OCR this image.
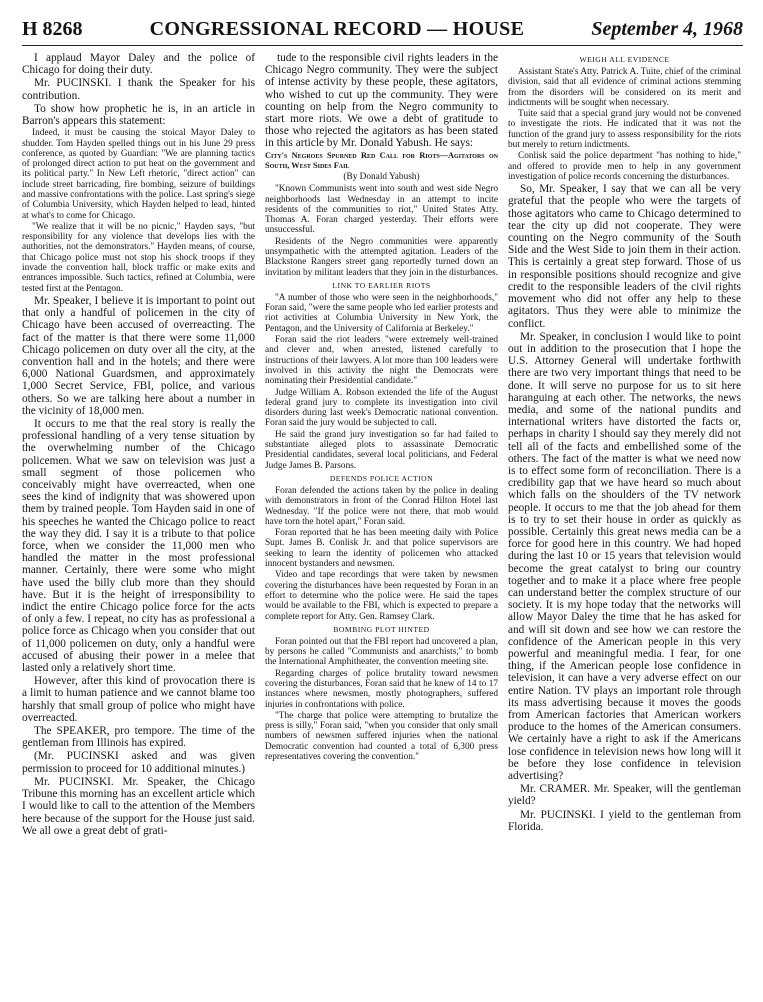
H 8268	CONGRESSIONAL RECORD — HOUSE	September 4, 1968

I applaud Mayor Daley and the police of Chicago for doing their duty.

Mr. PUCINSKI. I thank the Speaker for his contribution.

To show how prophetic he is, in an article in Barron's appears this statement:

Indeed, it must be causing the stoical Mayor Daley to shudder. Tom Hayden spelled things out in his June 29 press conference, as quoted by Guardian: "We are planning tactics of prolonged direct action to put heat on the government and its political party." In New Left rhetoric, "direct action" can include street barricading, fire bombing, seizure of buildings and massive confrontations with the police. Last spring's siege of Columbia University, which Hayden helped to lead, hinted at what's to come for Chicago.

"We realize that it will be no picnic," Hayden says, "but responsibility for any violence that develops lies with the authorities, not the demonstrators." Hayden means, of course, that Chicago police must not stop his shock troops if they invade the convention hall, block traffic or make exits and entrances impossible. Such tactics, refined at Columbia, were tested first at the Pentagon.

Mr. Speaker, I believe it is important to point out that only a handful of policemen in the city of Chicago have been accused of overreacting. The fact of the matter is that there were some 11,000 Chicago policemen on duty over all the city, at the convention hall and in the hotels; and there were 6,000 National Guardsmen, and approximately 1,000 Secret Service, FBI, police, and various others. So we are talking here about a number in the vicinity of 18,000 men.

It occurs to me that the real story is really the professional handling of a very tense situation by the overwhelming number of the Chicago policemen. What we saw on television was just a small segment of those policemen who conceivably might have overreacted, when one sees the kind of indignity that was showered upon them by trained people. Tom Hayden said in one of his speeches he wanted the Chicago police to react the way they did. I say it is a tribute to that police force, when we consider the 11,000 men who handled the matter in the most professional manner. Certainly, there were some who might have used the billy club more than they should have. But it is the height of irresponsibility to indict the entire Chicago police force for the acts of only a few. I repeat, no city has as professional a police force as Chicago when you consider that out of 11,000 policemen on duty, only a handful were accused of abusing their power in a melee that lasted only a relatively short time.

However, after this kind of provocation there is a limit to human patience and we cannot blame too harshly that small group of police who might have overreacted.

The SPEAKER, pro tempore. The time of the gentleman from Illinois has expired.

(Mr. PUCINSKI asked and was given permission to proceed for 10 additional minutes.)

Mr. PUCINSKI. Mr. Speaker, the Chicago Tribune this morning has an excellent article which I would like to call to the attention of the Members here because of the support for the House just said. We all owe a great debt of grati-

tude to the responsible civil rights leaders in the Chicago Negro community. They were the subject of intense activity by these people, these agitators, who wished to cut up the community. They were counting on help from the Negro community to start more riots. We owe a debt of gratitude to those who rejected the agitators as has been stated in this article by Mr. Donald Yabush. He says:

City's Negroes Spurned Red Call for Riots—Agitators on South, West Sides Fail

(By Donald Yabush)

"Known Communists went into south and west side Negro neighborhoods last Wednesday in an attempt to incite residents of the communities to riot," United States Atty. Thomas A. Foran charged yesterday. Their efforts were unsuccessful.

Residents of the Negro communities were apparently unsympathetic with the attempted agitation. Leaders of the Blackstone Rangers street gang reportedly turned down an invitation by militant leaders that they join in the disturbances.

LINK TO EARLIER RIOTS

"A number of those who were seen in the neighborhoods," Foran said, "were the same people who led earlier protests and riot activities at Columbia University in New York, the Pentagon, and the University of California at Berkeley."

Foran said the riot leaders "were extremely well-trained and clever and, when arrested, listened carefully to instructions of their lawyers. A lot more than 100 leaders were involved in this activity the night the Democrats were nominating their Presidential candidate."

Judge William A. Robson extended the life of the August federal grand jury to complete its investigation into civil disorders during last week's Democratic national convention. Foran said the jury would be subjected to call.

He said the grand jury investigation so far had failed to substantiate alleged plots to assassinate Democratic Presidential candidates, several local politicians, and Federal Judge James B. Parsons.

DEFENDS POLICE ACTION

Foran defended the actions taken by the police in dealing with demonstrators in front of the Conrad Hilton Hotel last Wednesday. "If the police were not there, that mob would have torn the hotel apart," Foran said.

Foran reported that he has been meeting daily with Police Supt. James B. Conlisk Jr. and that police supervisors are seeking to learn the identity of policemen who attacked innocent bystanders and newsmen.

Video and tape recordings that were taken by newsmen covering the disturbances have been requested by Foran in an effort to determine who the police were. He said the tapes would be available to the FBI, which is expected to prepare a complete report for Atty. Gen. Ramsey Clark.

BOMBING PLOT HINTED

Foran pointed out that the FBI report had uncovered a plan, by persons he called "Communists and anarchists," to bomb the International Amphitheater, the convention meeting site.

Regarding charges of police brutality toward newsmen covering the disturbances, Foran said that he knew of 14 to 17 instances where newsmen, mostly photographers, suffered injuries in confrontations with police.

"The charge that police were attempting to brutalize the press is silly," Foran said, "when you consider that only small numbers of newsmen suffered injuries when the national Democratic convention had counted a total of 6,300 press representatives covering the convention."

WEIGH ALL EVIDENCE

Assistant State's Atty. Patrick A. Tuite, chief of the criminal division, said that all evidence of criminal actions stemming from the disorders will be considered on its merit and indictments will be sought when necessary.

Tuite said that a special grand jury would not be convened to investigate the riots. He indicated that it was not the function of the grand jury to assess responsibility for the riots but merely to return indictments.

Conlisk said the police department "has nothing to hide," and offered to provide men to help in any government investigation of police records concerning the disturbances.

So, Mr. Speaker, I say that we can all be very grateful that the people who were the targets of those agitators who came to Chicago determined to tear the city up did not cooperate. They were counting on the Negro community of the South Side and the West Side to join them in their action. This is certainly a great step forward. Those of us in responsible positions should recognize and give credit to the responsible leaders of the civil rights movement who did not offer any help to these agitators. Thus they were able to minimize the conflict.

Mr. Speaker, in conclusion I would like to point out in addition to the prosecution that I hope the U.S. Attorney General will undertake forthwith there are two very important things that need to be done. It will serve no purpose for us to sit here haranguing at each other. The networks, the news media, and some of the national pundits and international writers have distorted the facts or, perhaps in charity I should say they merely did not tell all of the facts and embellished some of the others. The fact of the matter is what we need now is to effect some form of reconciliation. There is a credibility gap that we have heard so much about which falls on the shoulders of the TV network people. It occurs to me that the job ahead for them is to try to set their house in order as quickly as possible. Certainly this great news media can be a force for good here in this country. We had hoped during the last 10 or 15 years that television would become the great catalyst to bring our country together and to make it a place where free people can understand better the complex structure of our society. It is my hope today that the networks will allow Mayor Daley the time that he has asked for and will sit down and see how we can restore the confidence of the American people in this very powerful and meaningful media. I fear, for one thing, if the American people lose confidence in television, it can have a very adverse effect on our entire Nation. TV plays an important role through its mass advertising because it moves the goods from American factories that American workers produce to the homes of the American consumers. We certainly have a right to ask if the Americans lose confidence in television news how long will it be before they lose confidence in television advertising?

Mr. CRAMER. Mr. Speaker, will the gentleman yield?

Mr. PUCINSKI. I yield to the gentleman from Florida.
